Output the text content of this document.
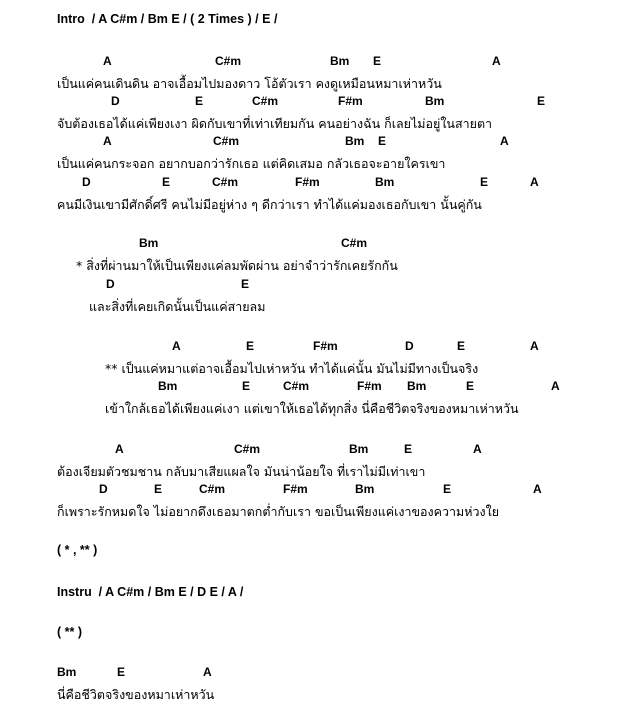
Intro  / A C#m / Bm E / ( 2 Times ) / E /
A	C#m	Bm E	A
เป็นแค่คนเดินดิน อาจเอื้อมไปมองดาว โอ้ตัวเรา คงดูเหมือนหมาเห่าหวัน
D	E	C#m	F#m	Bm	E
จับต้องเธอได้แค่เพียงเงา ผิดกับเขาที่เท่าเทียมกัน คนอย่างฉัน ก็เลยไม่อยู่ในสายตา
A	C#m	Bm E	A
เป็นแค่คนกระจอก อยากบอกว่ารักเธอ แต่คิดเสมอ กลัวเธอจะอายใครเขา
D	E	C#m	F#m	Bm	E	A
คนมีเงินเขามีศักดิ์ศรี คนไม่มีอยู่ห่าง ๆ ดีกว่าเรา ทำได้แค่มองเธอกับเขา นั้นคู่กัน
Bm	C#m
* สิ่งที่ผ่านมาให้เป็นเพียงแค่ลมพัดผ่าน อย่าจำว่ารักเคยรักกัน
D	E
และสิ่งที่เคยเกิดนั้นเป็นแค่สายลม
A	E	F#m	D	E	A
** เป็นแค่หมาแต่อาจเอื้อมไปเห่าหวัน ทำได้แค่นั้น มันไม่มีทางเป็นจริง
Bm	E	C#m	F#m Bm	E	A
เข้าใกล้เธอได้เพียงแค่เงา แต่เขาให้เธอได้ทุกสิ่ง นี่คือชีวิตจริงของหมาเห่าหวัน
A	C#m	Bm	E	A
ต้องเจียมตัวชมชาน กลับมาเสียแผลใจ มันน่าน้อยใจ ที่เราไม่มีเท่าเขา
D	E	C#m	F#m	Bm	E	A
ก็เพราะรักหมดใจ ไม่อยากดึงเธอมาตกต่ำกับเรา ขอเป็นเพียงแค่เงาของความห่วงใย
Bm	E	A
นี่คือชีวิตจริงของหมาเห่าหวัน
( * , ** )
Instru  / A C#m / Bm E / D E / A /
( ** )
